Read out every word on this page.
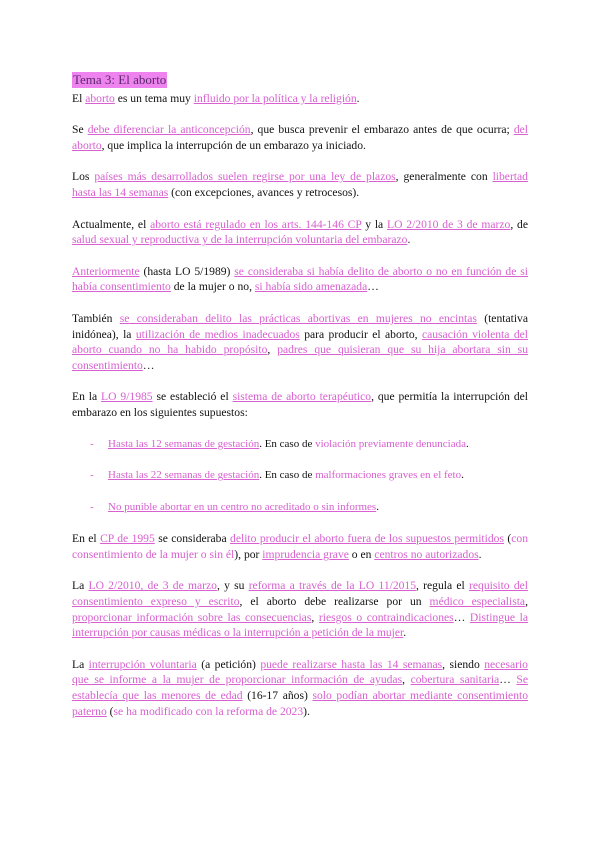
Tema 3: El aborto

El aborto es un tema muy influido por la política y la religión.

Se debe diferenciar la anticoncepción, que busca prevenir el embarazo antes de que ocurra; del aborto, que implica la interrupción de un embarazo ya iniciado.

Los países más desarrollados suelen regirse por una ley de plazos, generalmente con libertad hasta las 14 semanas (con excepciones, avances y retrocesos).

Actualmente, el aborto está regulado en los arts. 144-146 CP y la LO 2/2010 de 3 de marzo, de salud sexual y reproductiva y de la interrupción voluntaria del embarazo.

Anteriormente (hasta LO 5/1989) se consideraba si había delito de aborto o no en función de si había consentimiento de la mujer o no, si había sido amenazada…

También se consideraban delito las prácticas abortivas en mujeres no encintas (tentativa inidónea), la utilización de medios inadecuados para producir el aborto, causación violenta del aborto cuando no ha habido propósito, padres que quisieran que su hija abortara sin su consentimiento…

En la LO 9/1985 se estableció el sistema de aborto terapéutico, que permitía la interrupción del embarazo en los siguientes supuestos:

- Hasta las 12 semanas de gestación. En caso de violación previamente denunciada.
- Hasta las 22 semanas de gestación. En caso de malformaciones graves en el feto.
- No punible abortar en un centro no acreditado o sin informes.

En el CP de 1995 se consideraba delito producir el aborto fuera de los supuestos permitidos (con consentimiento de la mujer o sin él), por imprudencia grave o en centros no autorizados.

La LO 2/2010, de 3 de marzo, y su reforma a través de la LO 11/2015, regula el requisito del consentimiento expreso y escrito, el aborto debe realizarse por un médico especialista, proporcionar información sobre las consecuencias, riesgos o contraindicaciones… Distingue la interrupción por causas médicas o la interrupción a petición de la mujer.

La interrupción voluntaria (a petición) puede realizarse hasta las 14 semanas, siendo necesario que se informe a la mujer de proporcionar información de ayudas, cobertura sanitaria… Se establecía que las menores de edad (16-17 años) solo podían abortar mediante consentimiento paterno (se ha modificado con la reforma de 2023).
